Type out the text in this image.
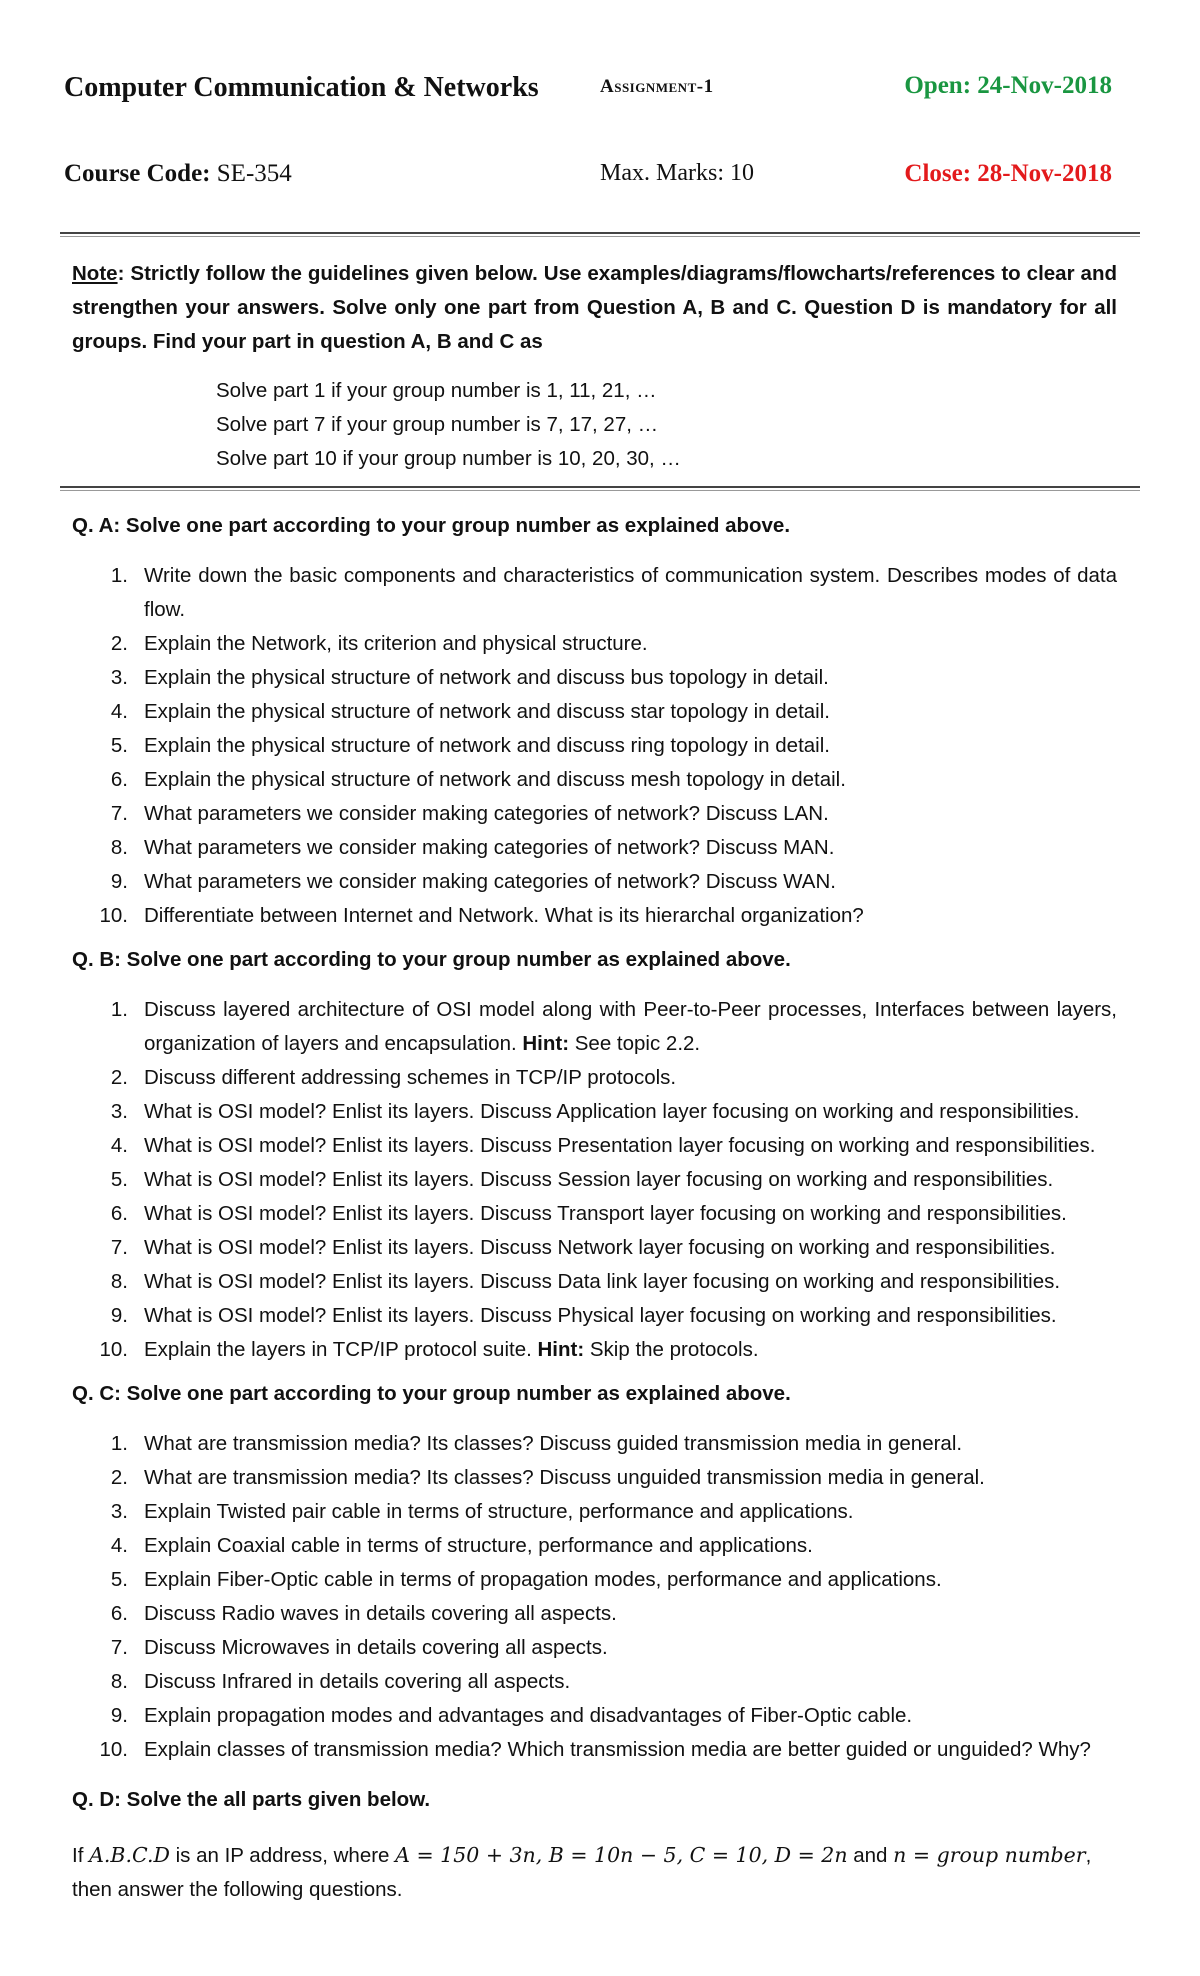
Computer Communication & Networks	Assignment-1	Open: 24-Nov-2018
Course Code: SE-354	Max. Marks: 10	Close: 28-Nov-2018
Note: Strictly follow the guidelines given below. Use examples/diagrams/flowcharts/references to clear and strengthen your answers. Solve only one part from Question A, B and C. Question D is mandatory for all groups. Find your part in question A, B and C as
Solve part 1 if your group number is 1, 11, 21, …
Solve part 7 if your group number is 7, 17, 27, …
Solve part 10 if your group number is 10, 20, 30, …
Q. A: Solve one part according to your group number as explained above.
1. Write down the basic components and characteristics of communication system. Describes modes of data flow.
2. Explain the Network, its criterion and physical structure.
3. Explain the physical structure of network and discuss bus topology in detail.
4. Explain the physical structure of network and discuss star topology in detail.
5. Explain the physical structure of network and discuss ring topology in detail.
6. Explain the physical structure of network and discuss mesh topology in detail.
7. What parameters we consider making categories of network? Discuss LAN.
8. What parameters we consider making categories of network? Discuss MAN.
9. What parameters we consider making categories of network? Discuss WAN.
10. Differentiate between Internet and Network. What is its hierarchal organization?
Q. B: Solve one part according to your group number as explained above.
1. Discuss layered architecture of OSI model along with Peer-to-Peer processes, Interfaces between layers, organization of layers and encapsulation. Hint: See topic 2.2.
2. Discuss different addressing schemes in TCP/IP protocols.
3. What is OSI model? Enlist its layers. Discuss Application layer focusing on working and responsibilities.
4. What is OSI model? Enlist its layers. Discuss Presentation layer focusing on working and responsibilities.
5. What is OSI model? Enlist its layers. Discuss Session layer focusing on working and responsibilities.
6. What is OSI model? Enlist its layers. Discuss Transport layer focusing on working and responsibilities.
7. What is OSI model? Enlist its layers. Discuss Network layer focusing on working and responsibilities.
8. What is OSI model? Enlist its layers. Discuss Data link layer focusing on working and responsibilities.
9. What is OSI model? Enlist its layers. Discuss Physical layer focusing on working and responsibilities.
10. Explain the layers in TCP/IP protocol suite. Hint: Skip the protocols.
Q. C: Solve one part according to your group number as explained above.
1. What are transmission media? Its classes? Discuss guided transmission media in general.
2. What are transmission media? Its classes? Discuss unguided transmission media in general.
3. Explain Twisted pair cable in terms of structure, performance and applications.
4. Explain Coaxial cable in terms of structure, performance and applications.
5. Explain Fiber-Optic cable in terms of propagation modes, performance and applications.
6. Discuss Radio waves in details covering all aspects.
7. Discuss Microwaves in details covering all aspects.
8. Discuss Infrared in details covering all aspects.
9. Explain propagation modes and advantages and disadvantages of Fiber-Optic cable.
10. Explain classes of transmission media? Which transmission media are better guided or unguided? Why?
Q. D: Solve the all parts given below.
If A.B.C.D is an IP address, where A = 150 + 3n, B = 10n − 5, C = 10, D = 2n and n = group number, then answer the following questions.
